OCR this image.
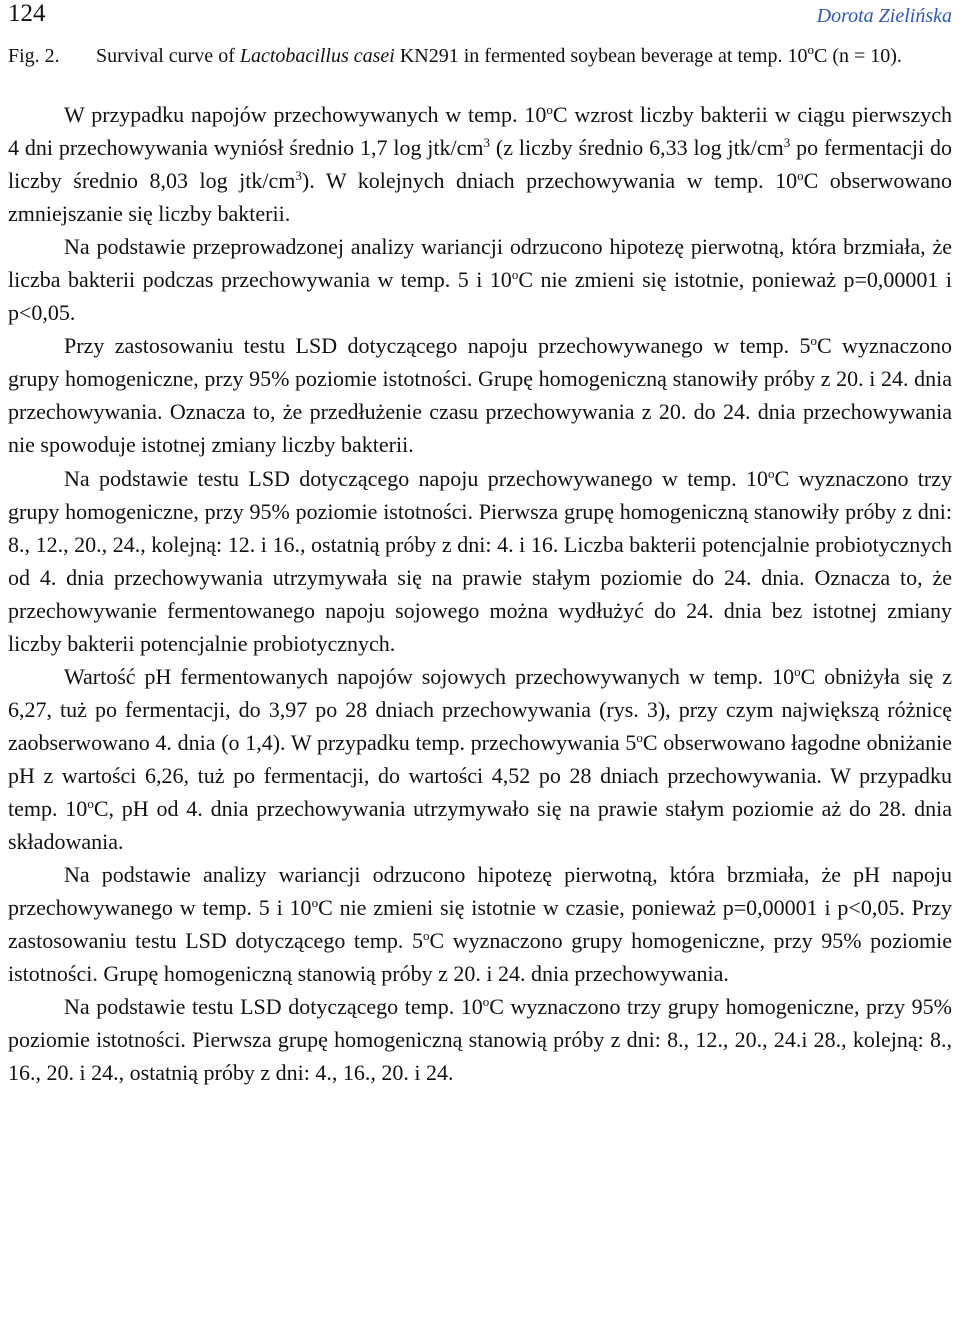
124	Dorota Zielińska
Fig. 2.	Survival curve of Lactobacillus casei KN291 in fermented soybean beverage at temp. 10$^o$C (n = 10).

W przypadku napojów przechowywanych w temp. 10$^o$C wzrost liczby bakterii w ciągu pierwszych 4 dni przechowywania wyniósł średnio 1,7 log jtk/$cm^3$ (z liczby średnio 6,33 log jtk/$cm^3$ po fermentacji do liczby średnio 8,03 log jtk/$cm^3$). W kolejnych dniach przechowywania w temp. 10$^o$C obserwowano zmniejszanie się liczby bakterii.

Na podstawie przeprowadzonej analizy wariancji odrzucono hipotezę pierwotną, która brzmiała, że liczba bakterii podczas przechowywania w temp. 5 i 10$^o$C nie zmieni się istotnie, ponieważ p=0,00001 i p<0,05.

Przy zastosowaniu testu LSD dotyczącego napoju przechowywanego w temp. 5$^o$C wyznaczono grupy homogeniczne, przy 95% poziomie istotności. Grupę homogeniczną stanowiły próby z 20. i 24. dnia przechowywania. Oznacza to, że przedłużenie czasu przechowywania z 20. do 24. dnia przechowywania nie spowoduje istotnej zmiany liczby bakterii.

Na podstawie testu LSD dotyczącego napoju przechowywanego w temp. 10$^o$C wyznaczono trzy grupy homogeniczne, przy 95% poziomie istotności. Pierwsza grupę homogeniczną stanowiły próby z dni: 8., 12., 20., 24., kolejną: 12. i 16., ostatnią próby z dni: 4. i 16. Liczba bakterii potencjalnie probiotycznych od 4. dnia przechowywania utrzymywała się na prawie stałym poziomie do 24. dnia. Oznacza to, że przechowywanie fermentowanego napoju sojowego można wydłużyć do 24. dnia bez istotnej zmiany liczby bakterii potencjalnie probiotycznych.

Wartość pH fermentowanych napojów sojowych przechowywanych w temp. 10$^o$C obniżyła się z 6,27, tuż po fermentacji, do 3,97 po 28 dniach przechowywania (rys. 3), przy czym największą różnicę zaobserwowano 4. dnia (o 1,4). W przypadku temp. przechowywania 5$^o$C obserwowano łagodne obniżanie pH z wartości 6,26, tuż po fermentacji, do wartości 4,52 po 28 dniach przechowywania. W przypadku temp. 10$^o$C, pH od 4. dnia przechowywania utrzymywało się na prawie stałym poziomie aż do 28. dnia składowania.

Na podstawie analizy wariancji odrzucono hipotezę pierwotną, która brzmiała, że pH napoju przechowywanego w temp. 5 i 10$^o$C nie zmieni się istotnie w czasie, ponieważ p=0,00001 i p<0,05. Przy zastosowaniu testu LSD dotyczącego temp. 5$^o$C wyznaczono grupy homogeniczne, przy 95% poziomie istotności. Grupę homogeniczną stanowią próby z 20. i 24. dnia przechowywania.

Na podstawie testu LSD dotyczącego temp. 10$^o$C wyznaczono trzy grupy homogeniczne, przy 95% poziomie istotności. Pierwsza grupę homogeniczną stanowią próby z dni: 8., 12., 20., 24.i 28., kolejną: 8., 16., 20. i 24., ostatnią próby z dni: 4., 16., 20. i 24.
